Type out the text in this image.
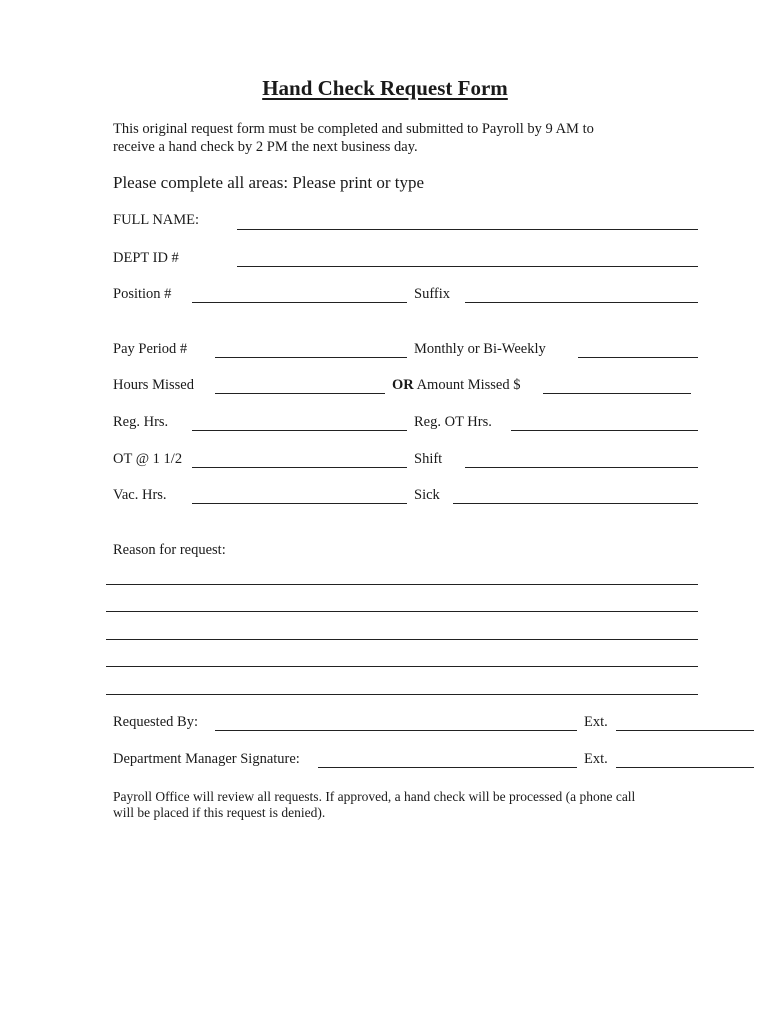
Hand Check Request Form
This original request form must be completed and submitted to Payroll by 9 AM to
receive a hand check by 2 PM the next business day.
Please complete all areas: Please print or type
FULL NAME:
DEPT ID #
Position #	Suffix
Pay Period #	Monthly or Bi-Weekly
Hours Missed	OR Amount Missed $
Reg. Hrs.	Reg. OT Hrs.
OT @ 1 1/2	Shift
Vac. Hrs.	Sick
Reason for request:
Requested By:	Ext.
Department Manager Signature:	Ext.
Payroll Office will review all requests. If approved, a hand check will be processed (a phone call
will be placed if this request is denied).
